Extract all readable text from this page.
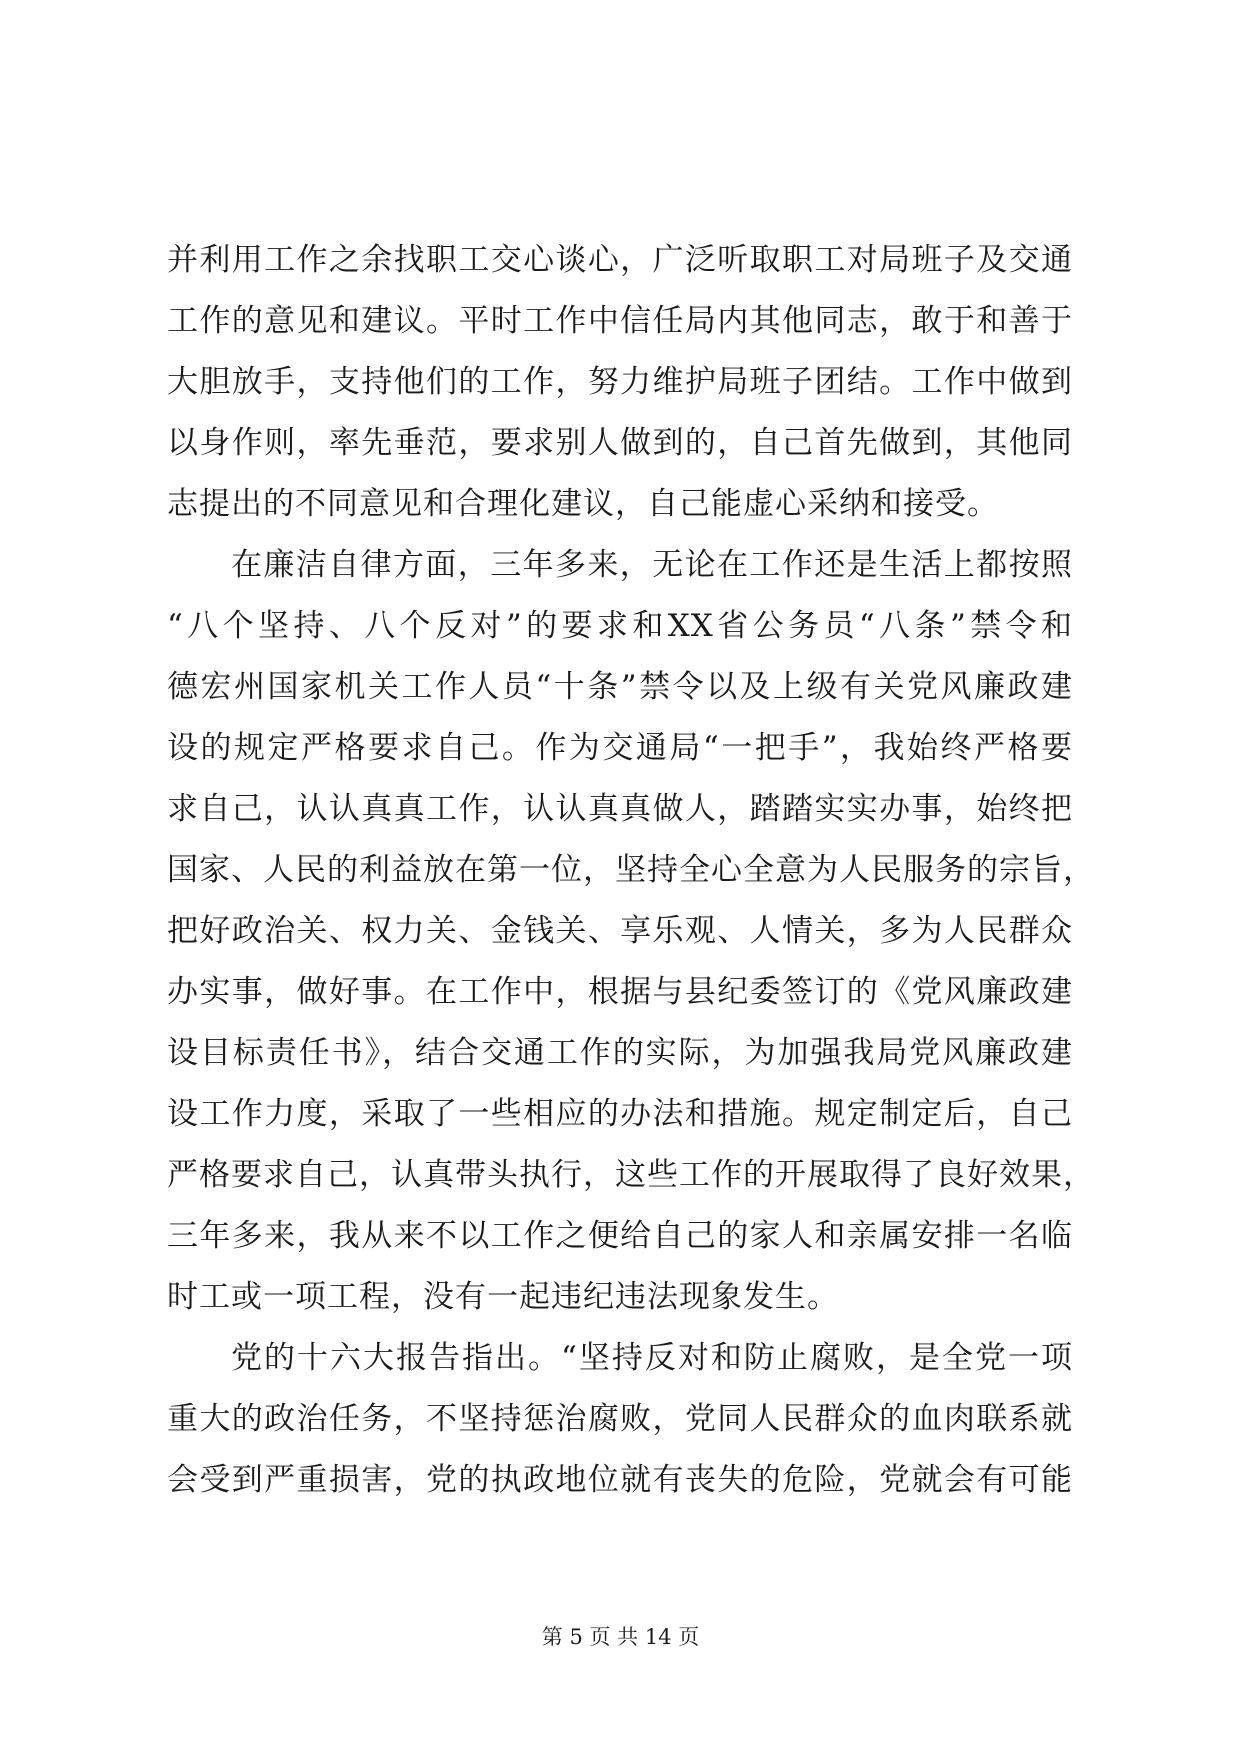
并利用工作之余找职工交心谈心，广泛听取职工对局班子及交通
工作的意见和建议。平时工作中信任局内其他同志，敢于和善于
大胆放手，支持他们的工作，努力维护局班子团结。工作中做到
以身作则，率先垂范，要求别人做到的，自己首先做到，其他同
志提出的不同意见和合理化建议，自己能虚心采纳和接受。
在廉洁自律方面，三年多来，无论在工作还是生活上都按照
“八个坚持、八个反对”的要求和XX省公务员“八条”禁令和
德宏州国家机关工作人员“十条”禁令以及上级有关党风廉政建
设的规定严格要求自己。作为交通局“一把手”，我始终严格要
求自己，认认真真工作，认认真真做人，踏踏实实办事，始终把
国家、人民的利益放在第一位，坚持全心全意为人民服务的宗旨，
把好政治关、权力关、金钱关、享乐观、人情关，多为人民群众
办实事，做好事。在工作中，根据与县纪委签订的《党风廉政建
设目标责任书》，结合交通工作的实际，为加强我局党风廉政建
设工作力度，采取了一些相应的办法和措施。规定制定后，自己
严格要求自己，认真带头执行，这些工作的开展取得了良好效果，
三年多来，我从来不以工作之便给自己的家人和亲属安排一名临
时工或一项工程，没有一起违纪违法现象发生。
党的十六大报告指出。“坚持反对和防止腐败，是全党一项
重大的政治任务，不坚持惩治腐败，党同人民群众的血肉联系就
会受到严重损害，党的执政地位就有丧失的危险，党就会有可能
第 5 页 共 14 页
